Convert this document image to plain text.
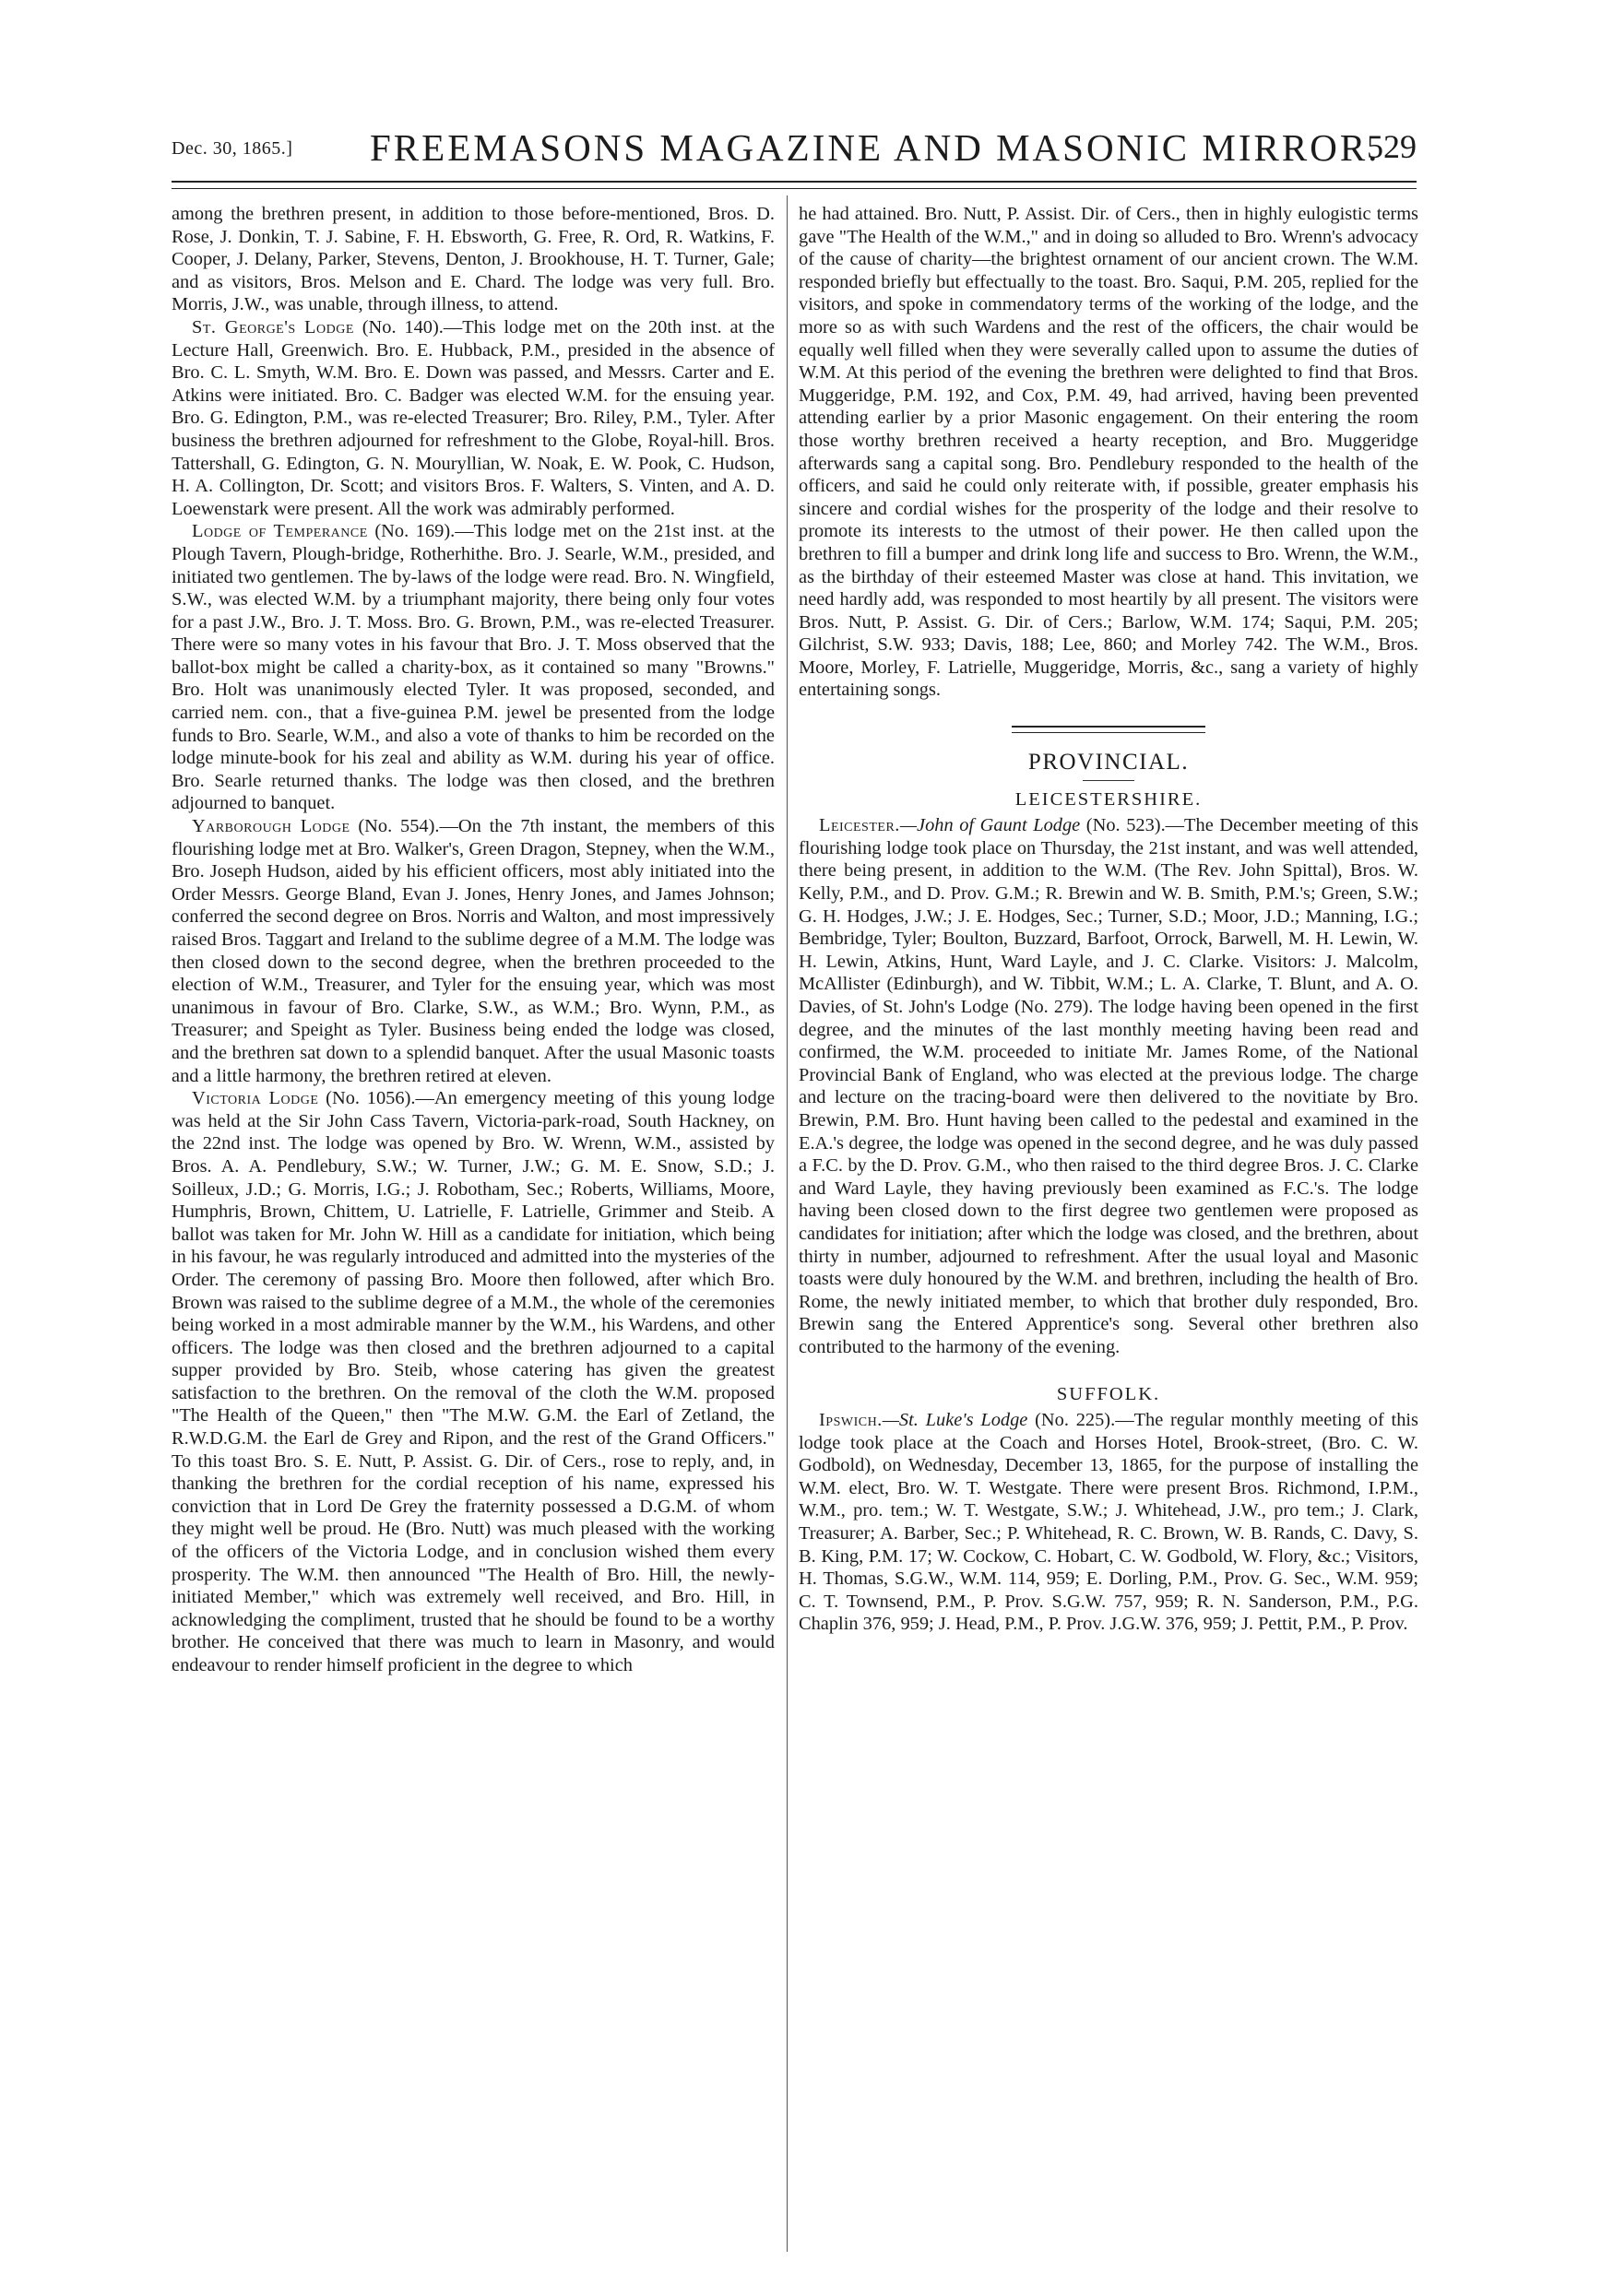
Dec. 30, 1865.] FREEMASONS MAGAZINE AND MASONIC MIRROR.
529

among the brethren present, in addition to those before-mentioned, Bros. D. Rose, J. Donkin, T. J. Sabine, F. H. Ebsworth, G. Free, R. Ord, R. Watkins, F. Cooper, J. Delany, Parker, Stevens, Denton, J. Brookhouse, H. T. Turner, Gale; and as visitors, Bros. Melson and E. Chard. The lodge was very full. Bro. Morris, J.W., was unable, through illness, to attend.

St. George's Lodge (No. 140).—This lodge met on the 20th inst. at the Lecture Hall, Greenwich. Bro. E. Hubback, P.M., presided in the absence of Bro. C. L. Smyth, W.M. Bro. E. Down was passed, and Messrs. Carter and E. Atkins were initiated. Bro. C. Badger was elected W.M. for the ensuing year. Bro. G. Edington, P.M., was re-elected Treasurer; Bro. Riley, P.M., Tyler. After business the brethren adjourned for refreshment to the Globe, Royal-hill. Bros. Tattershall, G. Edington, G. N. Mouryllian, W. Noak, E. W. Pook, C. Hudson, H. A. Collington, Dr. Scott; and visitors Bros. F. Walters, S. Vinten, and A. D. Loewenstark were present. All the work was admirably performed.

Lodge of Temperance (No. 169).—This lodge met on the 21st inst. at the Plough Tavern, Plough-bridge, Rotherhithe. Bro. J. Searle, W.M., presided, and initiated two gentlemen. The by-laws of the lodge were read. Bro. N. Wingfield, S.W., was elected W.M. by a triumphant majority, there being only four votes for a past J.W., Bro. J. T. Moss. Bro. G. Brown, P.M., was re-elected Treasurer. There were so many votes in his favour that Bro. J. T. Moss observed that the ballot-box might be called a charity-box, as it contained so many "Browns." Bro. Holt was unanimously elected Tyler. It was proposed, seconded, and carried nem. con., that a five-guinea P.M. jewel be presented from the lodge funds to Bro. Searle, W.M., and also a vote of thanks to him be recorded on the lodge minute-book for his zeal and ability as W.M. during his year of office. Bro. Searle returned thanks. The lodge was then closed, and the brethren adjourned to banquet.

Yarborough Lodge (No. 554).—On the 7th instant, the members of this flourishing lodge met at Bro. Walker's, Green Dragon, Stepney, when the W.M., Bro. Joseph Hudson, aided by his efficient officers, most ably initiated into the Order Messrs. George Bland, Evan J. Jones, Henry Jones, and James Johnson; conferred the second degree on Bros. Norris and Walton, and most impressively raised Bros. Taggart and Ireland to the sublime degree of a M.M. The lodge was then closed down to the second degree, when the brethren proceeded to the election of W.M., Treasurer, and Tyler for the ensuing year, which was most unanimous in favour of Bro. Clarke, S.W., as W.M.; Bro. Wynn, P.M., as Treasurer; and Speight as Tyler. Business being ended the lodge was closed, and the brethren sat down to a splendid banquet. After the usual Masonic toasts and a little harmony, the brethren retired at eleven.

Victoria Lodge (No. 1056).—An emergency meeting of this young lodge was held at the Sir John Cass Tavern, Victoria-park-road, South Hackney, on the 22nd inst. The lodge was opened by Bro. W. Wrenn, W.M., assisted by Bros. A. A. Pendlebury, S.W.; W. Turner, J.W.; G. M. E. Snow, S.D.; J. Soilleux, J.D.; G. Morris, I.G.; J. Robotham, Sec.; Roberts, Williams, Moore, Humphris, Brown, Chittem, U. Latrielle, F. Latrielle, Grimmer and Steib. A ballot was taken for Mr. John W. Hill as a candidate for initiation, which being in his favour, he was regularly introduced and admitted into the mysteries of the Order. The ceremony of passing Bro. Moore then followed, after which Bro. Brown was raised to the sublime degree of a M.M., the whole of the ceremonies being worked in a most admirable manner by the W.M., his Wardens, and other officers. The lodge was then closed and the brethren adjourned to a capital supper provided by Bro. Steib, whose catering has given the greatest satisfaction to the brethren. On the removal of the cloth the W.M. proposed "The Health of the Queen," then "The M.W. G.M. the Earl of Zetland, the R.W.D.G.M. the Earl de Grey and Ripon, and the rest of the Grand Officers." To this toast Bro. S. E. Nutt, P. Assist. G. Dir. of Cers., rose to reply, and, in thanking the brethren for the cordial reception of his name, expressed his conviction that in Lord De Grey the fraternity possessed a D.G.M. of whom they might well be proud. He (Bro. Nutt) was much pleased with the working of the officers of the Victoria Lodge, and in conclusion wished them every prosperity. The W.M. then announced "The Health of Bro. Hill, the newly-initiated Member," which was extremely well received, and Bro. Hill, in acknowledging the compliment, trusted that he should be found to be a worthy brother. He conceived that there was much to learn in Masonry, and would endeavour to render himself proficient in the degree to which

he had attained. Bro. Nutt, P. Assist. Dir. of Cers., then in highly eulogistic terms gave "The Health of the W.M.," and in doing so alluded to Bro. Wrenn's advocacy of the cause of charity—the brightest ornament of our ancient crown. The W.M. responded briefly but effectually to the toast. Bro. Saqui, P.M. 205, replied for the visitors, and spoke in commendatory terms of the working of the lodge, and the more so as with such Wardens and the rest of the officers, the chair would be equally well filled when they were severally called upon to assume the duties of W.M. At this period of the evening the brethren were delighted to find that Bros. Muggeridge, P.M. 192, and Cox, P.M. 49, had arrived, having been prevented attending earlier by a prior Masonic engagement. On their entering the room those worthy brethren received a hearty reception, and Bro. Muggeridge afterwards sang a capital song. Bro. Pendlebury responded to the health of the officers, and said he could only reiterate with, if possible, greater emphasis his sincere and cordial wishes for the prosperity of the lodge and their resolve to promote its interests to the utmost of their power. He then called upon the brethren to fill a bumper and drink long life and success to Bro. Wrenn, the W.M., as the birthday of their esteemed Master was close at hand. This invitation, we need hardly add, was responded to most heartily by all present. The visitors were Bros. Nutt, P. Assist. G. Dir. of Cers.; Barlow, W.M. 174; Saqui, P.M. 205; Gilchrist, S.W. 933; Davis, 188; Lee, 860; and Morley 742. The W.M., Bros. Moore, Morley, F. Latrielle, Muggeridge, Morris, &c., sang a variety of highly entertaining songs.

PROVINCIAL.
LEICESTERSHIRE.

Leicester.—John of Gaunt Lodge (No. 523).—The December meeting of this flourishing lodge took place on Thursday, the 21st instant, and was well attended, there being present, in addition to the W.M. (The Rev. John Spittal), Bros. W. Kelly, P.M., and D. Prov. G.M.; R. Brewin and W. B. Smith, P.M.'s; Green, S.W.; G. H. Hodges, J.W.; J. E. Hodges, Sec.; Turner, S.D.; Moor, J.D.; Manning, I.G.; Bembridge, Tyler; Boulton, Buzzard, Barfoot, Orrock, Barwell, M. H. Lewin, W. H. Lewin, Atkins, Hunt, Ward Layle, and J. C. Clarke. Visitors: J. Malcolm, McAllister (Edinburgh), and W. Tibbit, W.M.; L. A. Clarke, T. Blunt, and A. O. Davies, of St. John's Lodge (No. 279). The lodge having been opened in the first degree, and the minutes of the last monthly meeting having been read and confirmed, the W.M. proceeded to initiate Mr. James Rome, of the National Provincial Bank of England, who was elected at the previous lodge. The charge and lecture on the tracing-board were then delivered to the novitiate by Bro. Brewin, P.M. Bro. Hunt having been called to the pedestal and examined in the E.A.'s degree, the lodge was opened in the second degree, and he was duly passed a F.C. by the D. Prov. G.M., who then raised to the third degree Bros. J. C. Clarke and Ward Layle, they having previously been examined as F.C.'s. The lodge having been closed down to the first degree two gentlemen were proposed as candidates for initiation; after which the lodge was closed, and the brethren, about thirty in number, adjourned to refreshment. After the usual loyal and Masonic toasts were duly honoured by the W.M. and brethren, including the health of Bro. Rome, the newly initiated member, to which that brother duly responded, Bro. Brewin sang the Entered Apprentice's song. Several other brethren also contributed to the harmony of the evening.

SUFFOLK.

Ipswich.—St. Luke's Lodge (No. 225).—The regular monthly meeting of this lodge took place at the Coach and Horses Hotel, Brook-street, (Bro. C. W. Godbold), on Wednesday, December 13, 1865, for the purpose of installing the W.M. elect, Bro. W. T. Westgate. There were present Bros. Richmond, I.P.M., W.M., pro. tem.; W. T. Westgate, S.W.; J. Whitehead, J.W., pro tem.; J. Clark, Treasurer; A. Barber, Sec.; P. Whitehead, R. C. Brown, W. B. Rands, C. Davy, S. B. King, P.M. 17; W. Cockow, C. Hobart, C. W. Godbold, W. Flory, &c.; Visitors, H. Thomas, S.G.W., W.M. 114, 959; E. Dorling, P.M., Prov. G. Sec., W.M. 959; C. T. Townsend, P.M., P. Prov. S.G.W. 757, 959; R. N. Sanderson, P.M., P.G. Chaplin 376, 959; J. Head, P.M., P. Prov. J.G.W. 376, 959; J. Pettit, P.M., P. Prov.
